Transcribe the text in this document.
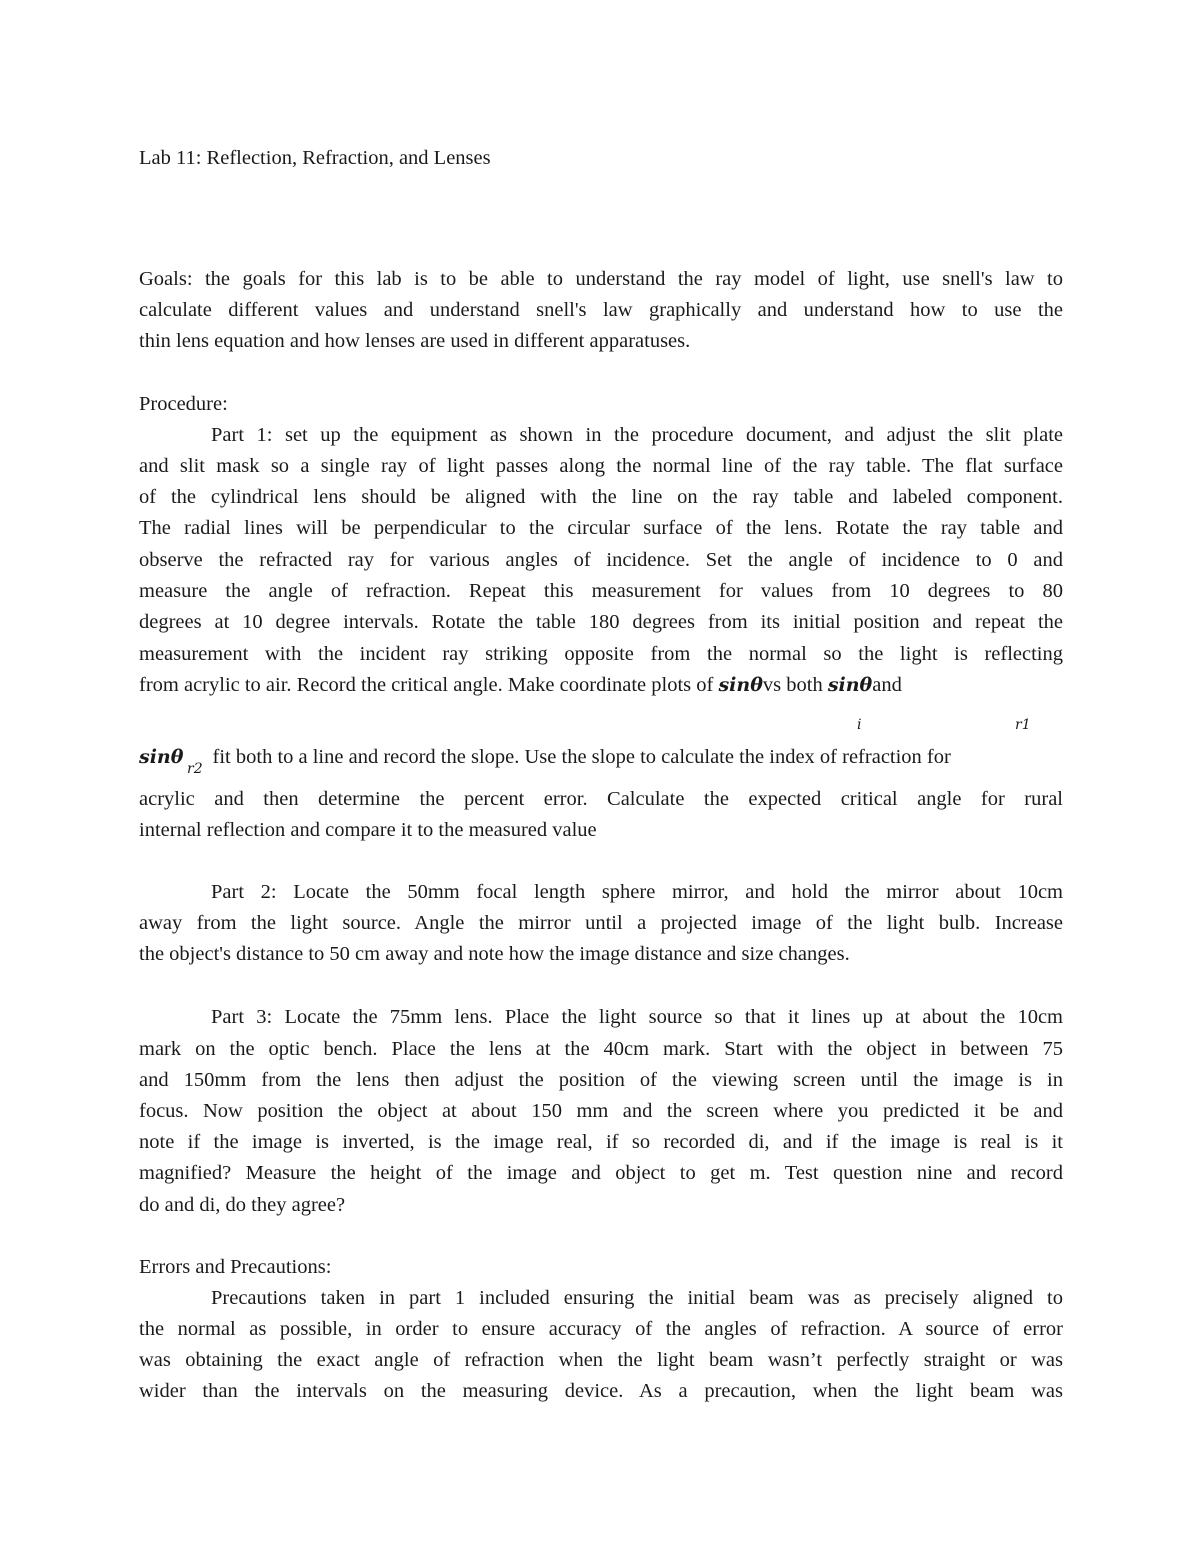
Lab 11: Reflection, Refraction, and Lenses
Goals: the goals for this lab is to be able to understand the ray model of light, use snell's law to
calculate different values and understand snell's law graphically and understand how to use the
thin lens equation and how lenses are used in different apparatuses.
Procedure:
Part 1: set up the equipment as shown in the procedure document, and adjust the slit plate
and slit mask so a single ray of light passes along the normal line of the ray table. The flat surface
of the cylindrical lens should be aligned with the line on the ray table and labeled component.
The radial lines will be perpendicular to the circular surface of the lens. Rotate the ray table and
observe the refracted ray for various angles of incidence. Set the angle of incidence to 0 and
measure the angle of refraction. Repeat this measurement for values from 10 degrees to 80
degrees at 10 degree intervals. Rotate the table 180 degrees from its initial position and repeat the
measurement with the incident ray striking opposite from the normal so the light is reflecting
from acrylic to air. Record the critical angle. Make coordinate plots of sinθvs both sinθand
i	r1
sinθ fit both to a line and record the slope. Use the slope to calculate the index of refraction for
r2
acrylic and then determine the percent error. Calculate the expected critical angle for rural
internal reflection and compare it to the measured value
Part 2: Locate the 50mm focal length sphere mirror, and hold the mirror about 10cm
away from the light source. Angle the mirror until a projected image of the light bulb. Increase
the object's distance to 50 cm away and note how the image distance and size changes.
Part 3: Locate the 75mm lens. Place the light source so that it lines up at about the 10cm
mark on the optic bench. Place the lens at the 40cm mark. Start with the object in between 75
and 150mm from the lens then adjust the position of the viewing screen until the image is in
focus. Now position the object at about 150 mm and the screen where you predicted it be and
note if the image is inverted, is the image real, if so recorded di, and if the image is real is it
magnified? Measure the height of the image and object to get m. Test question nine and record
do and di, do they agree?
Errors and Precautions:
Precautions taken in part 1 included ensuring the initial beam was as precisely aligned to
the normal as possible, in order to ensure accuracy of the angles of refraction. A source of error
was obtaining the exact angle of refraction when the light beam wasn’t perfectly straight or was
wider than the intervals on the measuring device. As a precaution, when the light beam was
